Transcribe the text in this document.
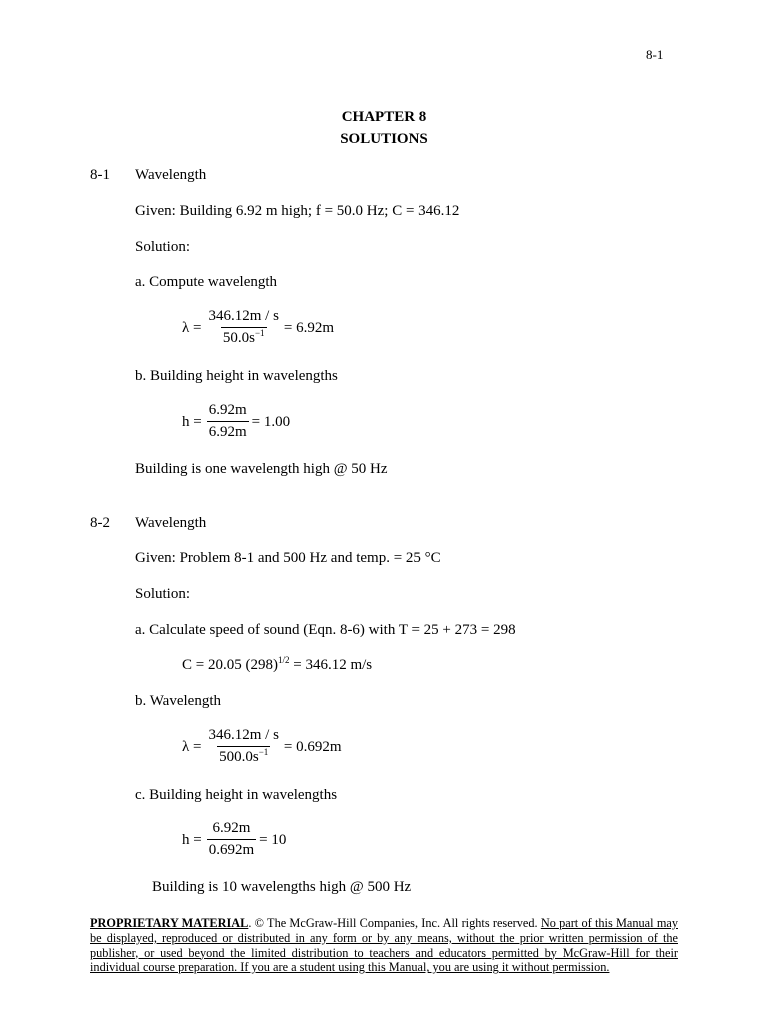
8-1
CHAPTER 8
SOLUTIONS
8-1 Wavelength
Given: Building 6.92 m high; f = 50.0 Hz; C = 346.12
Solution:
a. Compute wavelength
$\lambda = \frac{346.12m / s}{50.0s^{-1}} = 6.92m$
b. Building height in wavelengths
$h = \frac{6.92m}{6.92m} = 1.00$
Building is one wavelength high @ 50 Hz
8-2 Wavelength
Given: Problem 8-1 and 500 Hz and temp. = 25 °C
Solution:
a. Calculate speed of sound (Eqn. 8-6) with T = 25 + 273 = 298
C = 20.05 $(298)^{1/2} = 346.12$ m/s
b. Wavelength
$\lambda = \frac{346.12m / s}{500.0s^{-1}} = 0.692m$
c. Building height in wavelengths
$h = \frac{6.92m}{0.692m} = 10$
Building is 10 wavelengths high @ 500 Hz
PROPRIETARY MATERIAL. © The McGraw-Hill Companies, Inc. All rights reserved. No part of this Manual may be displayed, reproduced or distributed in any form or by any means, without the prior written permission of the publisher, or used beyond the limited distribution to teachers and educators permitted by McGraw-Hill for their individual course preparation. If you are a student using this Manual, you are using it without permission.
